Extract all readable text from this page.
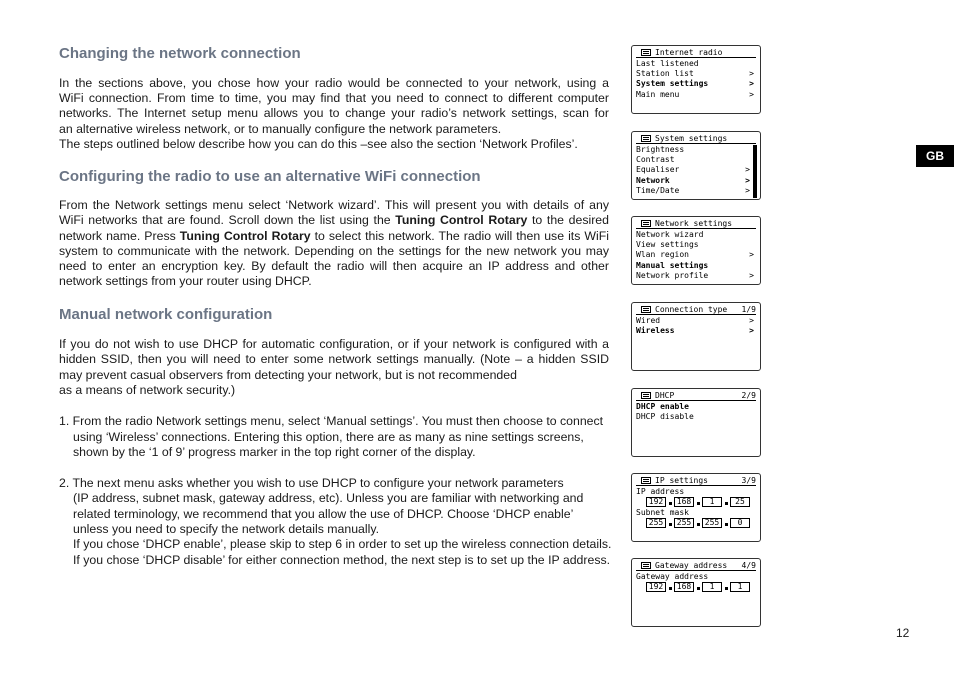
Changing the network connection
In the sections above, you chose how your radio would be connected to your network, using a
WiFi connection. From time to time, you may find that you need to connect to different computer
networks. The Internet setup menu allows you to change your radio’s network settings, scan for
an alternative wireless network, or to manually configure the network parameters.
The steps outlined below describe how you can do this –see also the section ‘Network Profiles’.
Configuring the radio to use an alternative WiFi connection
From the Network settings menu select ‘Network wizard’. This will present you with details of any WiFi networks that are found. Scroll down the list using the Tuning Control Rotary to the desired network name. Press Tuning Control Rotary to select this network. The radio will then use its WiFi system to communicate with the network. Depending on the settings for the new network you may need to enter an encryption key. By default the radio will then acquire an IP address and other network settings from your router using DHCP.
Manual network configuration
If you do not wish to use DHCP for automatic configuration, or if your network is configured with a hidden SSID, then you will need to enter some network settings manually. (Note – a hidden SSID may prevent casual observers from detecting your network, but is not recommended
as a means of network security.)
1. From the radio Network settings menu, select ‘Manual settings’. You must then choose to connect
using ‘Wireless’ connections. Entering this option, there are as many as nine settings screens,
shown by the ‘1 of 9’ progress marker in the top right corner of the display.
2. The next menu asks whether you wish to use DHCP to configure your network parameters
(IP address, subnet mask, gateway address, etc). Unless you are familiar with networking and
related terminology, we recommend that you allow the use of DHCP. Choose ‘DHCP enable’
unless you need to specify the network details manually.
If you chose ‘DHCP enable’, please skip to step 6 in order to set up the wireless connection details.
If you chose ‘DHCP disable’ for either connection method, the next step is to set up the IP address.
GB
12
Internet radio
Last listened
Station list	>
System settings	>
Main menu	>
System settings
Brightness
Contrast
Equaliser	>
Network	>
Time/Date	>
Network settings
Network wizard
View settings
Wlan region	>
Manual settings
Network profile	>
Connection type 1/9
Wired	>
Wireless	>
DHCP	2/9
DHCP enable
DHCP disable
IP settings	3/9
IP address
192	168	1	25
Subnet mask
255	255	255	0
Gateway address 4/9
Gateway address
192	168	1	1
